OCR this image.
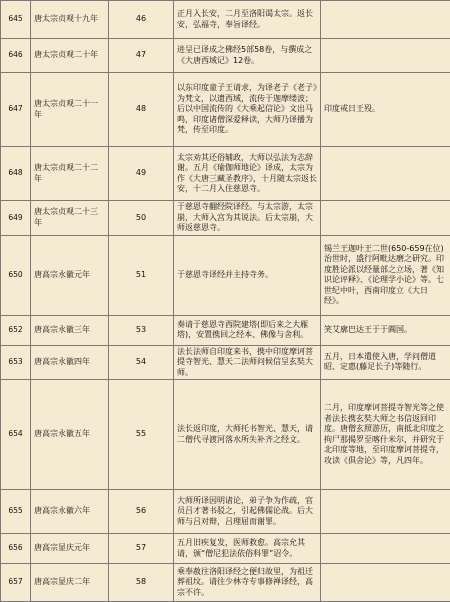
645	唐太宗贞观十九年	46	正月入长安，二月至洛阳谒太宗。返长安，弘福寺，奉旨译经。	
646	唐太宗贞观二十年	47	进呈已译成之佛经5部58卷，与撰成之《大唐西域记》12卷。	
647	唐太宗贞观二十一年	48	以东印度童子王请求，为译老子《老子》为梵文，以遗西域，流传于迦摩缕波；后以中国流传的《大乘起信论》文出马鸣，印度诸僧深爱释读，大师乃译播为梵，传至印度。	印度戒日王殁。
648	唐太宗贞观二十二年	49	太宗劝其还俗辅政，大师以弘法为志辞谢。五月《瑜伽师地论》译成，太宗为作《大唐三藏圣教序》，十月随太宗返长安，十二月入住慈恩寺。	
649	唐太宗贞观二十三年	50	于慈恩寺翻经院译经。与太宗游，太宗崩，大师入宫为其说法。后太宗崩，大师返慈恩寺。	
650	唐高宗永徽元年	51	于慈恩寺译经并主持寺务。	锡兰王迦叶王二世(650-659在位)治世时，盛行阿毗达磨之研究。印度胜论派以经量部之立场，著《知识论评释》、《论理学小论》等。七世纪中叶，西南印度立《大日经》。
652	唐高宗永徽三年	53	奏请于慈恩寺西院建塔(即后来之大雁塔)，安置携回之经本、佛像与舍利。	笑艾廓巴达王于于阗国。
653	唐高宗永徽四年	54	法长法师自印度来书，携中印度摩诃菩提寺智光、慧天二法师问候信呈玄奘大师。	五月，日本遣使入唐，学问僧道昭、定惠(藤足长子)等随行。
654	唐高宗永徽五年	55	法长返印度，大师托书智光、慧天，请二僧代寻渡河落水所失补齐之经文。	二月，印度摩诃菩提寺智光等之使者法长携玄奘大师之书信返回印度。唐僧玄照游历，南抵北印度之拘尸那揭罗至喀什米尔，并研究于北印度等地，至印度摩诃菩提寺，攻读《俱舍论》等，凡四年。
655	唐高宗永徽六年	56	大师所译因明诸论，弟子争为作疏，官员吕才著书驳之，引起佛儒论战。后大师与吕对辩，吕理屈而谢罪。	
656	唐高宗显庆元年	57	五月旧疾复发，医师救愈。高宗允其请，颁“僧尼犯法依俗科罪”诏令。	
657	唐高宗显庆二年	58	乘奉赦往洛阳译经之便归故里，为祖迁葬祖坟。请往少林寺专事修禅译经，高宗不许。	
